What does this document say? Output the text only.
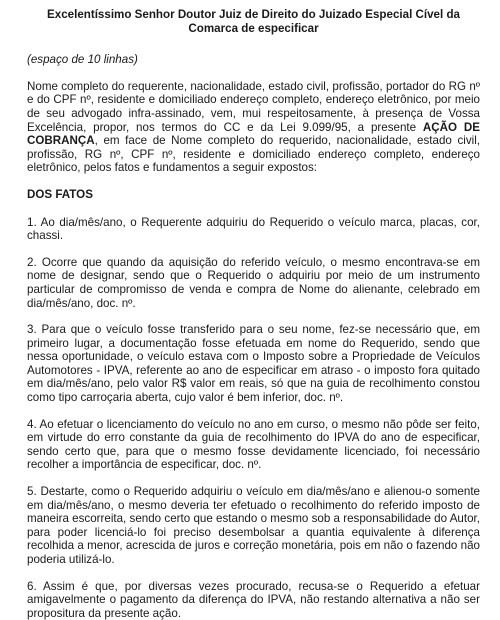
Excelentíssimo Senhor Doutor Juiz de Direito do Juizado Especial Cível da Comarca de especificar
(espaço de 10 linhas)

Nome completo do requerente, nacionalidade, estado civil, profissão, portador do RG nº e do CPF nº, residente e domiciliado endereço completo, endereço eletrônico, por meio de seu advogado infra-assinado, vem, mui respeitosamente, à presença de Vossa Excelência, propor, nos termos do CC e da Lei 9.099/95, a presente AÇÃO DE COBRANÇA, em face de Nome completo do requerido, nacionalidade, estado civil, profissão, RG nº, CPF nº, residente e domiciliado endereço completo, endereço eletrônico, pelos fatos e fundamentos a seguir expostos:

DOS FATOS

1. Ao dia/mês/ano, o Requerente adquiriu do Requerido o veículo marca, placas, cor, chassi.

2. Ocorre que quando da aquisição do referido veículo, o mesmo encontrava-se em nome de designar, sendo que o Requerido o adquiriu por meio de um instrumento particular de compromisso de venda e compra de Nome do alienante, celebrado em dia/mês/ano, doc. nº.

3. Para que o veículo fosse transferido para o seu nome, fez-se necessário que, em primeiro lugar, a documentação fosse efetuada em nome do Requerido, sendo que nessa oportunidade, o veículo estava com o Imposto sobre a Propriedade de Veículos Automotores - IPVA, referente ao ano de especificar em atraso - o imposto fora quitado em dia/mês/ano, pelo valor R$ valor em reais, só que na guia de recolhimento constou como tipo carroçaria aberta, cujo valor é bem inferior, doc. nº.

4. Ao efetuar o licenciamento do veículo no ano em curso, o mesmo não pôde ser feito, em virtude do erro constante da guia de recolhimento do IPVA do ano de especificar, sendo certo que, para que o mesmo fosse devidamente licenciado, foi necessário recolher a importância de especificar, doc. nº.

5. Destarte, como o Requerido adquiriu o veículo em dia/mês/ano e alienou-o somente em dia/mês/ano, o mesmo deveria ter efetuado o recolhimento do referido imposto de maneira escorreita, sendo certo que estando o mesmo sob a responsabilidade do Autor, para poder licenciá-lo foi preciso desembolsar a quantia equivalente à diferença recolhida a menor, acrescida de juros e correção monetária, pois em não o fazendo não poderia utilizá-lo.

6. Assim é que, por diversas vezes procurado, recusa-se o Requerido a efetuar amigavelmente o pagamento da diferença do IPVA, não restando alternativa a não ser propositura da presente ação.
